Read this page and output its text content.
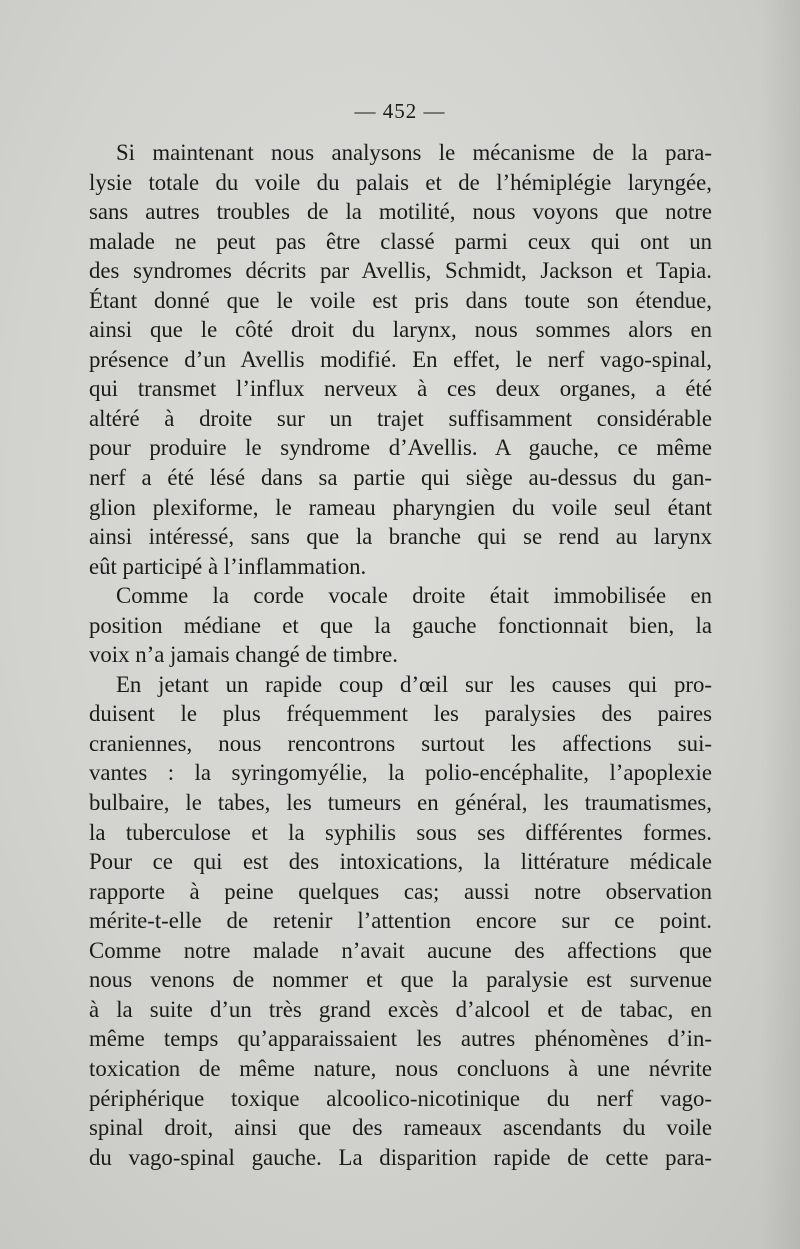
— 452 —
Si maintenant nous analysons le mécanisme de la para-
lysie totale du voile du palais et de l’hémiplégie laryngée,
sans autres troubles de la motilité, nous voyons que notre
malade ne peut pas être classé parmi ceux qui ont un
des syndromes décrits par Avellis, Schmidt, Jackson et Tapia.
Étant donné que le voile est pris dans toute son étendue,
ainsi que le côté droit du larynx, nous sommes alors en
présence d’un Avellis modifié. En effet, le nerf vago-spinal,
qui transmet l’influx nerveux à ces deux organes, a été
altéré à droite sur un trajet suffisamment considérable
pour produire le syndrome d’Avellis. A gauche, ce même
nerf a été lésé dans sa partie qui siège au-dessus du gan-
glion plexiforme, le rameau pharyngien du voile seul étant
ainsi intéressé, sans que la branche qui se rend au larynx
eût participé à l’inflammation.
Comme la corde vocale droite était immobilisée en
position médiane et que la gauche fonctionnait bien, la
voix n’a jamais changé de timbre.
En jetant un rapide coup d’œil sur les causes qui pro-
duisent le plus fréquemment les paralysies des paires
craniennes, nous rencontrons surtout les affections sui-
vantes : la syringomyélie, la polio-encéphalite, l’apoplexie
bulbaire, le tabes, les tumeurs en général, les traumatismes,
la tuberculose et la syphilis sous ses différentes formes.
Pour ce qui est des intoxications, la littérature médicale
rapporte à peine quelques cas; aussi notre observation
mérite-t-elle de retenir l’attention encore sur ce point.
Comme notre malade n’avait aucune des affections que
nous venons de nommer et que la paralysie est survenue
à la suite d’un très grand excès d’alcool et de tabac, en
même temps qu’apparaissaient les autres phénomènes d’in-
toxication de même nature, nous concluons à une névrite
périphérique toxique alcoolico-nicotinique du nerf vago-
spinal droit, ainsi que des rameaux ascendants du voile
du vago-spinal gauche. La disparition rapide de cette para-
